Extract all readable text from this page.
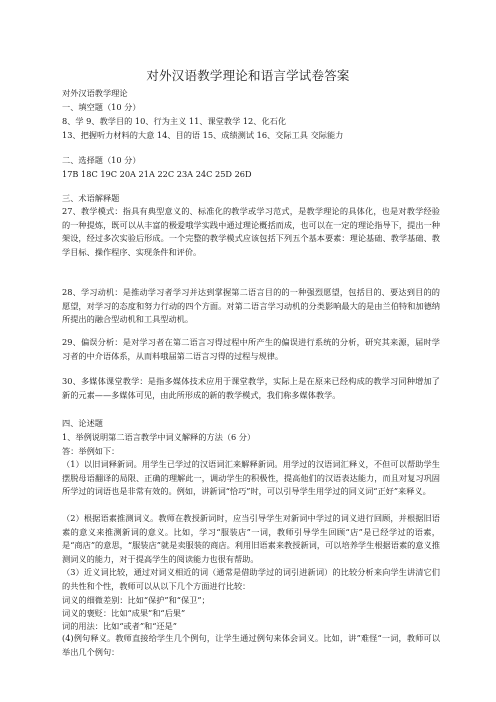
对外汉语教学理论和语言学试卷答案
对外汉语教学理论
一、填空题（10 分）
8、学 9、教学目的 10、行为主义 11、课堂教学 12、化石化
13、把握听力材料的大意 14、目的语 15、成绩测试 16、交际工具 交际能力
二、选择题（10 分）
17B 18C 19C 20A 21A 22C 23A 24C 25D 26D
三、术语解释题
27、教学模式：指具有典型意义的、标准化的教学或学习范式，是教学理论的具体化，也是对教学经验的一种提炼，既可以从丰富的极爱哦学实践中通过理论概括而成，也可以在一定的理论指导下，提出一种架设，经过多次实验后形成。一个完整的教学模式应该包括下列五个基本要素：理论基础、教学基础、教学目标、操作程序、实现条件和评价。
28、学习动机：是推动学习者学习并达到掌握第二语言目的的一种强烈愿望，包括目的、要达到目的的愿望，对学习的态度和努力行动的四个方面。对第二语言学习动机的分类影响最大的是由兰伯特和加德纳所提出的融合型动机和工具型动机。
29、偏误分析：是对学习者在第二语言习得过程中所产生的偏误进行系统的分析，研究其来源，届时学习者的中介语体系，从而料哦届第二语言习得的过程与规律。
30、多媒体课堂教学：是指多媒体技术应用于课堂教学，实际上是在原来已经构成的教学习同种增加了新的元素——多媒体可见，由此所形成的新的教学模式，我们称多媒体教学。
四、论述题
1、举例说明第二语言教学中词义解释的方法（6 分）
答：举例如下：
（1）以旧词释新词。用学生已学过的汉语词汇来解释新词。用学过的汉语词汇释义，不但可以帮助学生摆脱母语翻译的局限、正确的理解此一，调动学生的积极性，提高他们的汉语表达能力，而且对复习巩固所学过的词语也是非常有效的。例如，讲新词“恰巧”时，可以引导学生用学过的同义词“正好”来释义。
（2）根据语素推测词义。教师在教授新词时，应当引导学生对新词中学过的词义进行回顾，并根据旧语素的意义来推测新词的意义。比如，学习“服装店”一词，教师引导学生回顾“店”是已经学过的语素，是“商店”的意思，“服装店”就是卖服装的商店。利用旧语素来教授新词，可以培养学生根据语素的意义推测词义的能力，对于提高学生的阅读能力也很有帮助。
（3）近义词比较，通过对词义相近的词（通常是借助学过的词引进新词）的比较分析来向学生讲清它们的共性和个性，教师可以从以下几个方面进行比较：
词义的细微差别：比如“保护”和“保卫”；
词义的褒贬：比如“成果”和“后果”
词的用法：比如“或者”和“还是”
(4)例句释义。教师直接给学生几个例句，让学生通过例句来体会词义。比如，讲”难怪“一词，教师可以举出几个例句：
